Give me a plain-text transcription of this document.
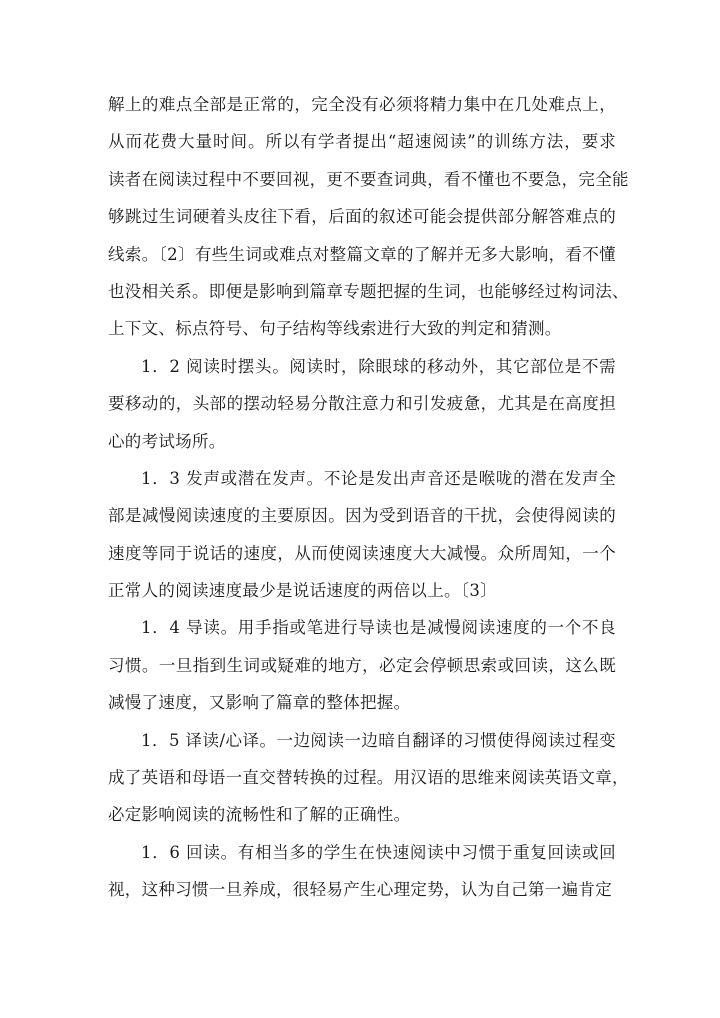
解上的难点全部是正常的，完全没有必须将精力集中在几处难点上，
从而花费大量时间。所以有学者提出“超速阅读”的训练方法，要求
读者在阅读过程中不要回视，更不要查词典，看不懂也不要急，完全能
够跳过生词硬着头皮往下看，后面的叙述可能会提供部分解答难点的
线索。〔2〕有些生词或难点对整篇文章的了解并无多大影响，看不懂
也没相关系。即便是影响到篇章专题把握的生词，也能够经过构词法、
上下文、标点符号、句子结构等线索进行大致的判定和猜测。
1．2 阅读时摆头。阅读时，除眼球的移动外，其它部位是不需
要移动的，头部的摆动轻易分散注意力和引发疲惫，尤其是在高度担
心的考试场所。
1．3 发声或潜在发声。不论是发出声音还是喉咙的潜在发声全
部是减慢阅读速度的主要原因。因为受到语音的干扰，会使得阅读的
速度等同于说话的速度，从而使阅读速度大大减慢。众所周知，一个
正常人的阅读速度最少是说话速度的两倍以上。〔3〕
1．4 导读。用手指或笔进行导读也是减慢阅读速度的一个不良
习惯。一旦指到生词或疑难的地方，必定会停顿思索或回读，这么既
减慢了速度，又影响了篇章的整体把握。
1．5 译读/心译。一边阅读一边暗自翻译的习惯使得阅读过程变
成了英语和母语一直交替转换的过程。用汉语的思维来阅读英语文章，
必定影响阅读的流畅性和了解的正确性。
1．6 回读。有相当多的学生在快速阅读中习惯于重复回读或回
视，这种习惯一旦养成，很轻易产生心理定势，认为自己第一遍肯定
